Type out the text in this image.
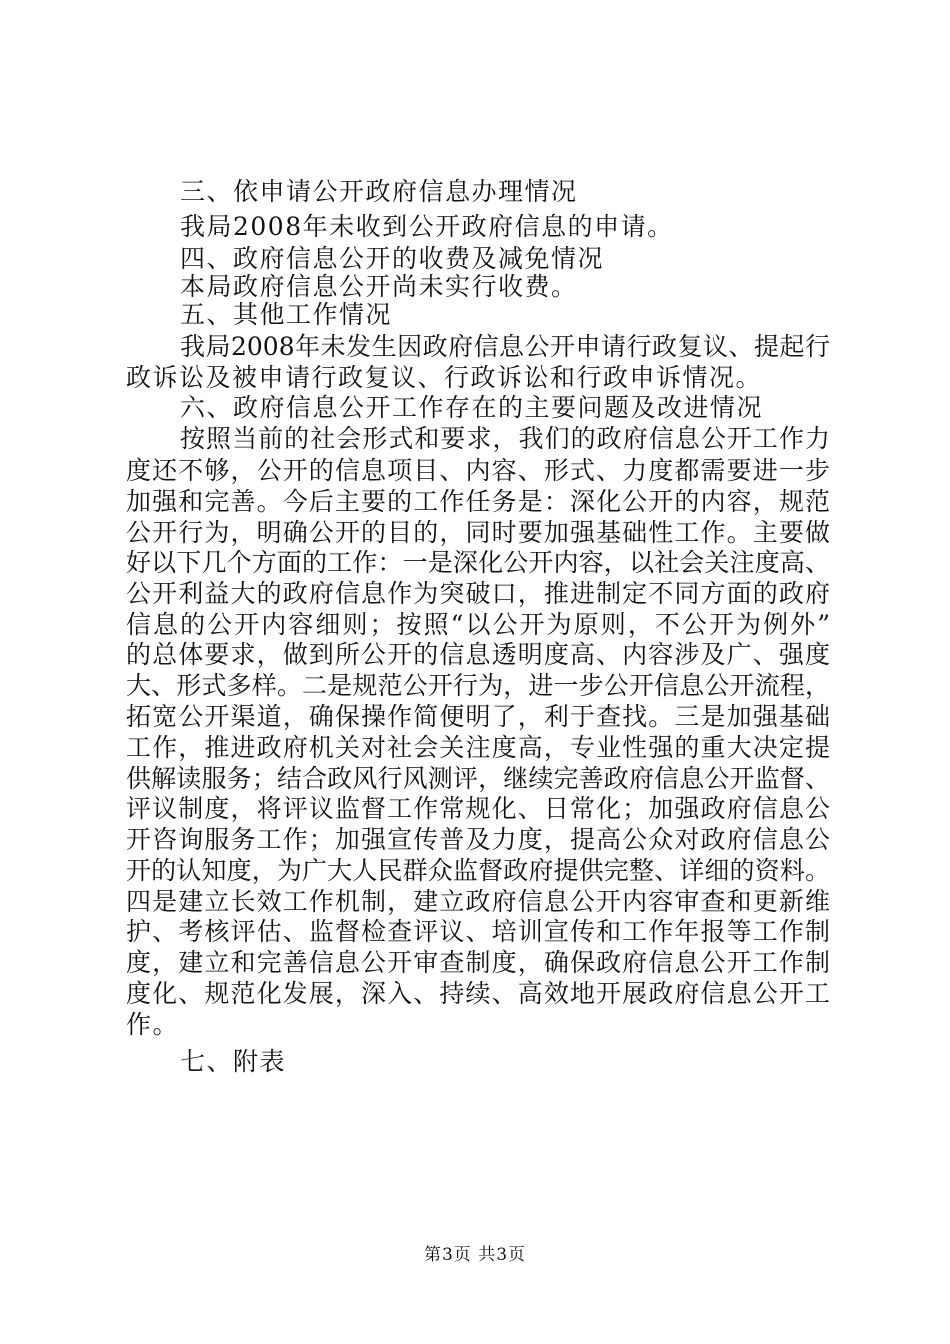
三、依申请公开政府信息办理情况
我局2008年未收到公开政府信息的申请。
四、政府信息公开的收费及减免情况
本局政府信息公开尚未实行收费。
五、其他工作情况
我局2008年未发生因政府信息公开申请行政复议、提起行
政诉讼及被申请行政复议、行政诉讼和行政申诉情况。
六、政府信息公开工作存在的主要问题及改进情况
按照当前的社会形式和要求，我们的政府信息公开工作力
度还不够，公开的信息项目、内容、形式、力度都需要进一步
加强和完善。今后主要的工作任务是：深化公开的内容，规范
公开行为，明确公开的目的，同时要加强基础性工作。主要做
好以下几个方面的工作：一是深化公开内容，以社会关注度高、
公开利益大的政府信息作为突破口，推进制定不同方面的政府
信息的公开内容细则；按照“以公开为原则，不公开为例外”
的总体要求，做到所公开的信息透明度高、内容涉及广、强度
大、形式多样。二是规范公开行为，进一步公开信息公开流程，
拓宽公开渠道，确保操作简便明了，利于查找。三是加强基础
工作，推进政府机关对社会关注度高，专业性强的重大决定提
供解读服务；结合政风行风测评，继续完善政府信息公开监督、
评议制度，将评议监督工作常规化、日常化；加强政府信息公
开咨询服务工作；加强宣传普及力度，提高公众对政府信息公
开的认知度，为广大人民群众监督政府提供完整、详细的资料。
四是建立长效工作机制，建立政府信息公开内容审查和更新维
护、考核评估、监督检查评议、培训宣传和工作年报等工作制
度，建立和完善信息公开审查制度，确保政府信息公开工作制
度化、规范化发展，深入、持续、高效地开展政府信息公开工
作。
七、附表
第3页 共3页
